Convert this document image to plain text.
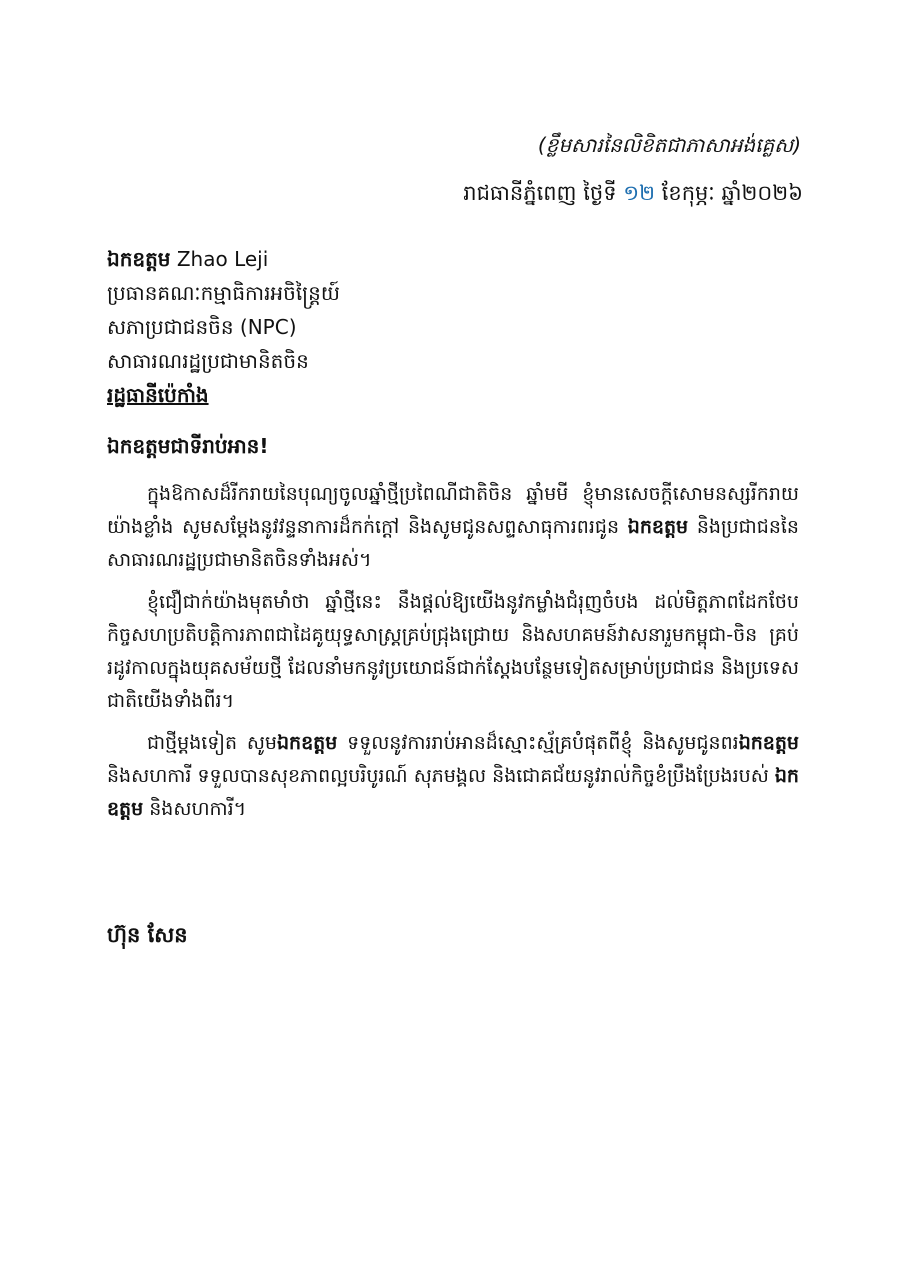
(ខ្លឹមសារនៃលិខិតជាភាសាអង់គ្លេស)
រាជធានីភ្នំពេញ ថ្ងៃទី ១២ ខែកុម្ភៈ ឆ្នាំ២០២៦
ឯកឧត្តម Zhao Leji
ប្រធានគណៈកម្មាធិការអចិន្ត្រៃយ៍
សភាប្រជាជនចិន (NPC)
សាធារណរដ្ឋប្រជាមានិតចិន
រដ្ឋធានីប៉េកាំង
ឯកឧត្តមជាទីរាប់អាន!

ក្នុងឱកាសដ៏រីករាយនៃបុណ្យចូលឆ្នាំថ្មីប្រពៃណីជាតិចិន ឆ្នាំមមី ខ្ញុំមានសេចក្ដីសោមនស្សរីករាយយ៉ាងខ្លាំង សូមសម្ដែងនូវវន្ទនាការដ៏កក់ក្ដៅ និងសូមជូនសព្ទសាធុការពរជូន ឯកឧត្តម និងប្រជាជននៃសាធារណរដ្ឋប្រជាមានិតចិនទាំងអស់។

ខ្ញុំជឿជាក់យ៉ាងមុតមាំថា ឆ្នាំថ្មីនេះ នឹងផ្ដល់ឱ្យយើងនូវកម្លាំងជំរុញចំបង ដល់មិត្តភាពដែកថែប កិច្ចសហប្រតិបត្តិការភាពជាដៃគូយុទ្ធសាស្ត្រគ្រប់ជ្រុងជ្រោយ និងសហគមន៍វាសនារួមកម្ពុជា-ចិន គ្រប់រដូវកាលក្នុងយុគសម័យថ្មី ដែលនាំមកនូវប្រយោជន៍ជាក់ស្ដែងបន្ថែមទៀតសម្រាប់ប្រជាជន និងប្រទេសជាតិយើងទាំងពីរ។

ជាថ្មីម្ដងទៀត សូមឯកឧត្តម ទទួលនូវការរាប់អានដ៏ស្មោះស្ម័គ្របំផុតពីខ្ញុំ និងសូមជូនពរឯកឧត្តម និងសហការី ទទួលបានសុខភាពល្អបរិបូរណ៍ សុភមង្គល និងជោគជ័យនូវរាល់កិច្ចខំប្រឹងប្រែងរបស់ ឯកឧត្តម និងសហការី។

ហ៊ុន សែន
